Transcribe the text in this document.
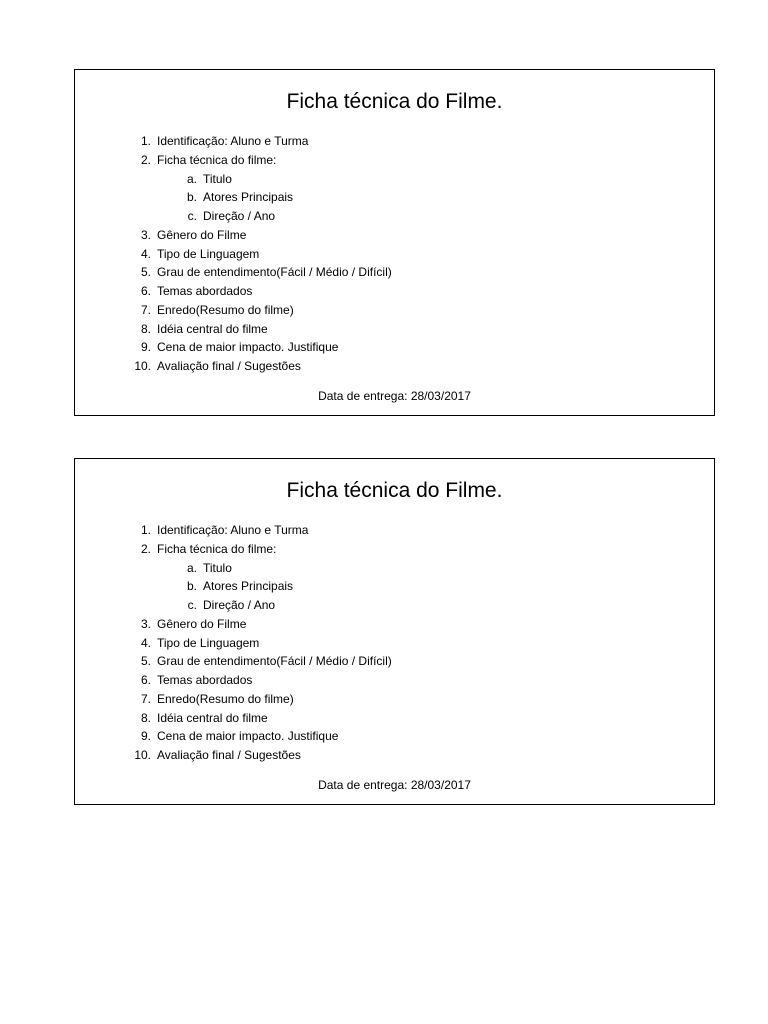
Ficha técnica do Filme.
1. Identificação: Aluno e Turma
2. Ficha técnica do filme:
a. Titulo
b. Atores Principais
c. Direção / Ano
3. Gênero do Filme
4. Tipo de Linguagem
5. Grau de entendimento(Fácil / Médio / Difícil)
6. Temas abordados
7. Enredo(Resumo do filme)
8. Idéia central do filme
9. Cena de maior impacto. Justifique
10. Avaliação final / Sugestões
Data de entrega: 28/03/2017
Ficha técnica do Filme.
1. Identificação: Aluno e Turma
2. Ficha técnica do filme:
a. Titulo
b. Atores Principais
c. Direção / Ano
3. Gênero do Filme
4. Tipo de Linguagem
5. Grau de entendimento(Fácil / Médio / Difícil)
6. Temas abordados
7. Enredo(Resumo do filme)
8. Idéia central do filme
9. Cena de maior impacto. Justifique
10. Avaliação final / Sugestões
Data de entrega: 28/03/2017
